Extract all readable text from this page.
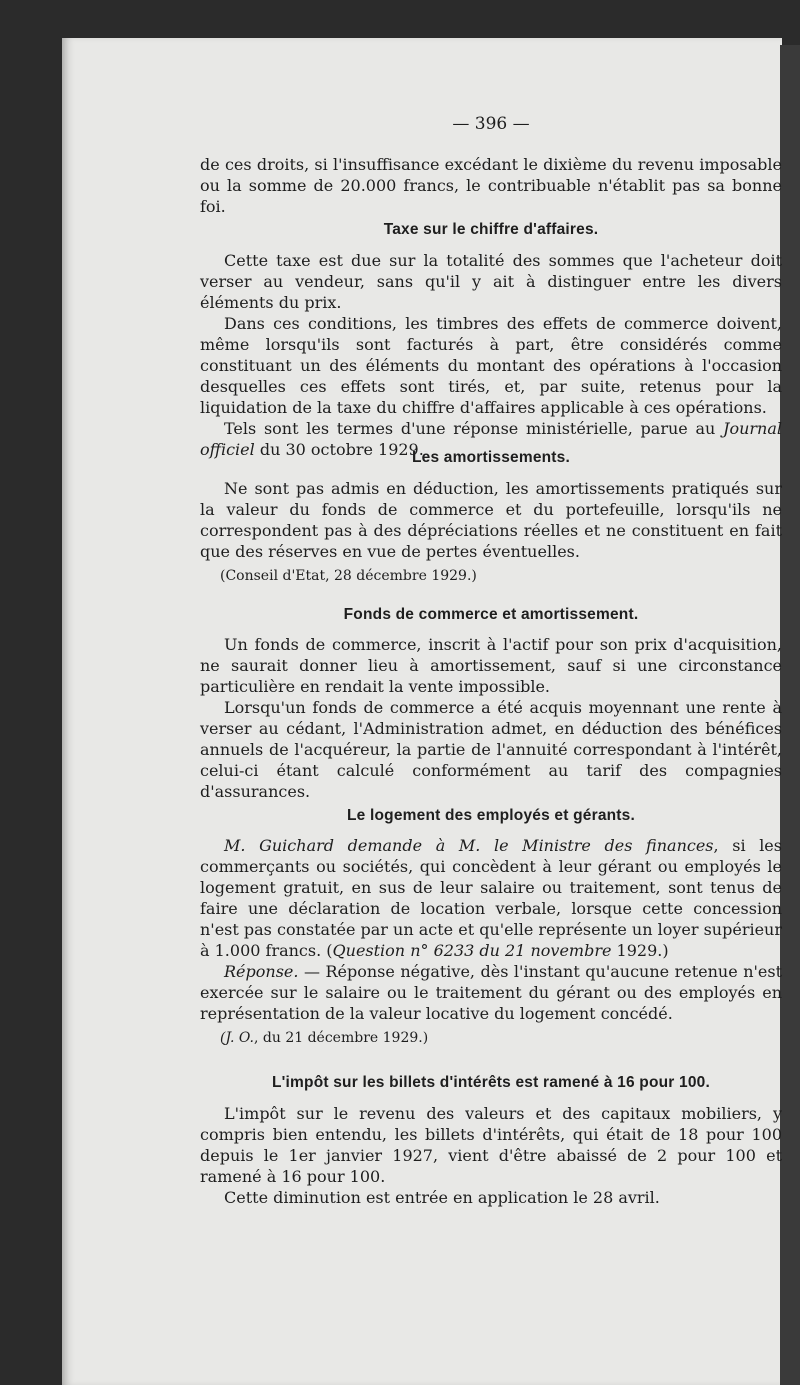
— 396 —

de ces droits, si l'insuffisance excédant le dixième du revenu imposable ou la somme de 20.000 francs, le contribuable n'établit pas sa bonne foi.

Taxe sur le chiffre d'affaires.

Cette taxe est due sur la totalité des sommes que l'acheteur doit verser au vendeur, sans qu'il y ait à distinguer entre les divers éléments du prix.

Dans ces conditions, les timbres des effets de commerce doivent, même lorsqu'ils sont facturés à part, être considérés comme constituant un des éléments du montant des opérations à l'occasion desquelles ces effets sont tirés, et, par suite, retenus pour la liquidation de la taxe du chiffre d'affaires applicable à ces opérations.

Tels sont les termes d'une réponse ministérielle, parue au Journal officiel du 30 octobre 1929.

Les amortissements.

Ne sont pas admis en déduction, les amortissements pratiqués sur la valeur du fonds de commerce et du portefeuille, lorsqu'ils ne correspondent pas à des dépréciations réelles et ne constituent en fait que des réserves en vue de pertes éventuelles.

(Conseil d'Etat, 28 décembre 1929.)

Fonds de commerce et amortissement.

Un fonds de commerce, inscrit à l'actif pour son prix d'acquisition, ne saurait donner lieu à amortissement, sauf si une circonstance particulière en rendait la vente impossible.

Lorsqu'un fonds de commerce a été acquis moyennant une rente à verser au cédant, l'Administration admet, en déduction des bénéfices annuels de l'acquéreur, la partie de l'annuité correspondant à l'intérêt, celui-ci étant calculé conformément au tarif des compagnies d'assurances.

Le logement des employés et gérants.

M. Guichard demande à M. le Ministre des finances, si les commerçants ou sociétés, qui concèdent à leur gérant ou employés le logement gratuit, en sus de leur salaire ou traitement, sont tenus de faire une déclaration de location verbale, lorsque cette concession n'est pas constatée par un acte et qu'elle représente un loyer supérieur à 1.000 francs. (Question n° 6233 du 21 novembre 1929.)

Réponse. — Réponse négative, dès l'instant qu'aucune retenue n'est exercée sur le salaire ou le traitement du gérant ou des employés en représentation de la valeur locative du logement concédé.

(J. O., du 21 décembre 1929.)

L'impôt sur les billets d'intérêts est ramené à 16 pour 100.

L'impôt sur le revenu des valeurs et des capitaux mobiliers, y compris bien entendu, les billets d'intérêts, qui était de 18 pour 100 depuis le 1er janvier 1927, vient d'être abaissé de 2 pour 100 et ramené à 16 pour 100.

Cette diminution est entrée en application le 28 avril.
